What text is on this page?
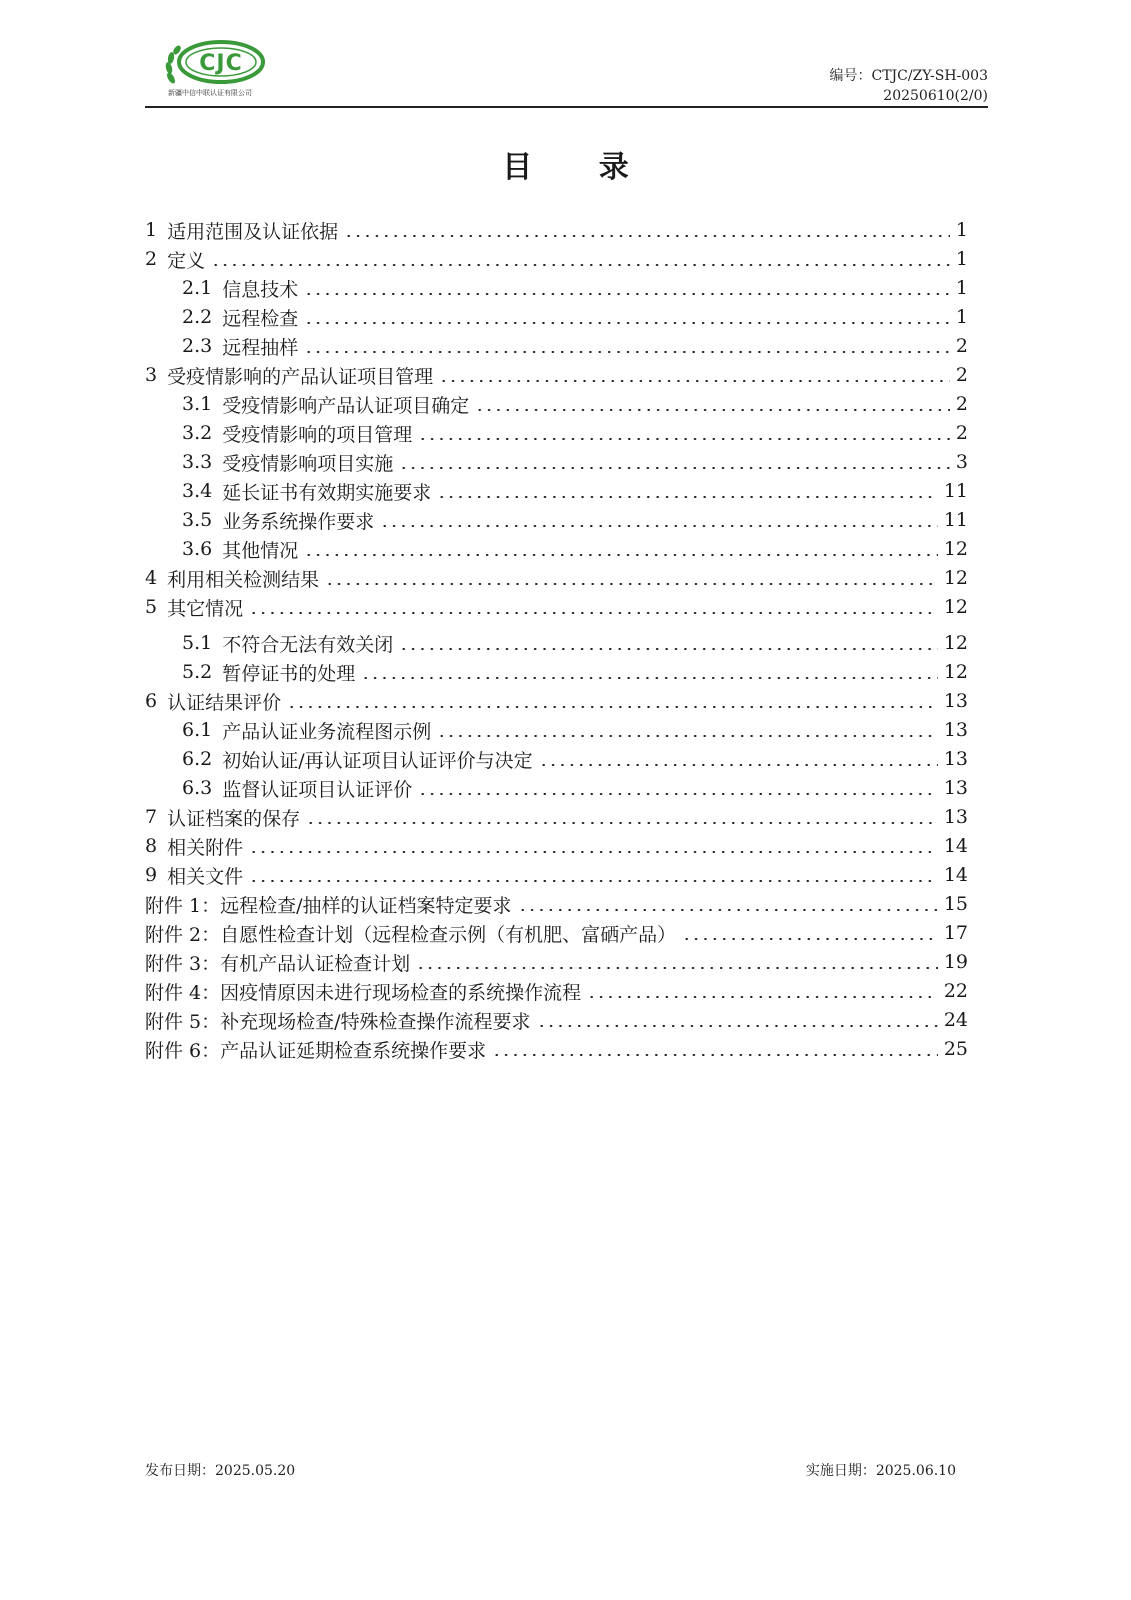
CJC
新疆中信中联认证有限公司
编号：CTJC/ZY-SH-003
20250610(2/0)
目 录
1 适用范围及认证依据	1
2 定义	1
2.1 信息技术	1
2.2 远程检查	1
2.3 远程抽样	2
3 受疫情影响的产品认证项目管理	2
3.1 受疫情影响产品认证项目确定	2
3.2 受疫情影响的项目管理	2
3.3 受疫情影响项目实施	3
3.4 延长证书有效期实施要求	11
3.5 业务系统操作要求	11
3.6 其他情况	12
4 利用相关检测结果	12
5 其它情况	12
5.1 不符合无法有效关闭	12
5.2 暂停证书的处理	12
6 认证结果评价	13
6.1 产品认证业务流程图示例	13
6.2 初始认证/再认证项目认证评价与决定	13
6.3 监督认证项目认证评价	13
7 认证档案的保存	13
8 相关附件	14
9 相关文件	14
附件 1： 远程检查/抽样的认证档案特定要求	15
附件 2： 自愿性检查计划（远程检查示例（有机肥、富硒产品）	17
附件 3： 有机产品认证检查计划	19
附件 4： 因疫情原因未进行现场检查的系统操作流程	22
附件 5： 补充现场检查/特殊检查操作流程要求	24
附件 6： 产品认证延期检查系统操作要求	25
发布日期：2025.05.20	实施日期：2025.06.10
